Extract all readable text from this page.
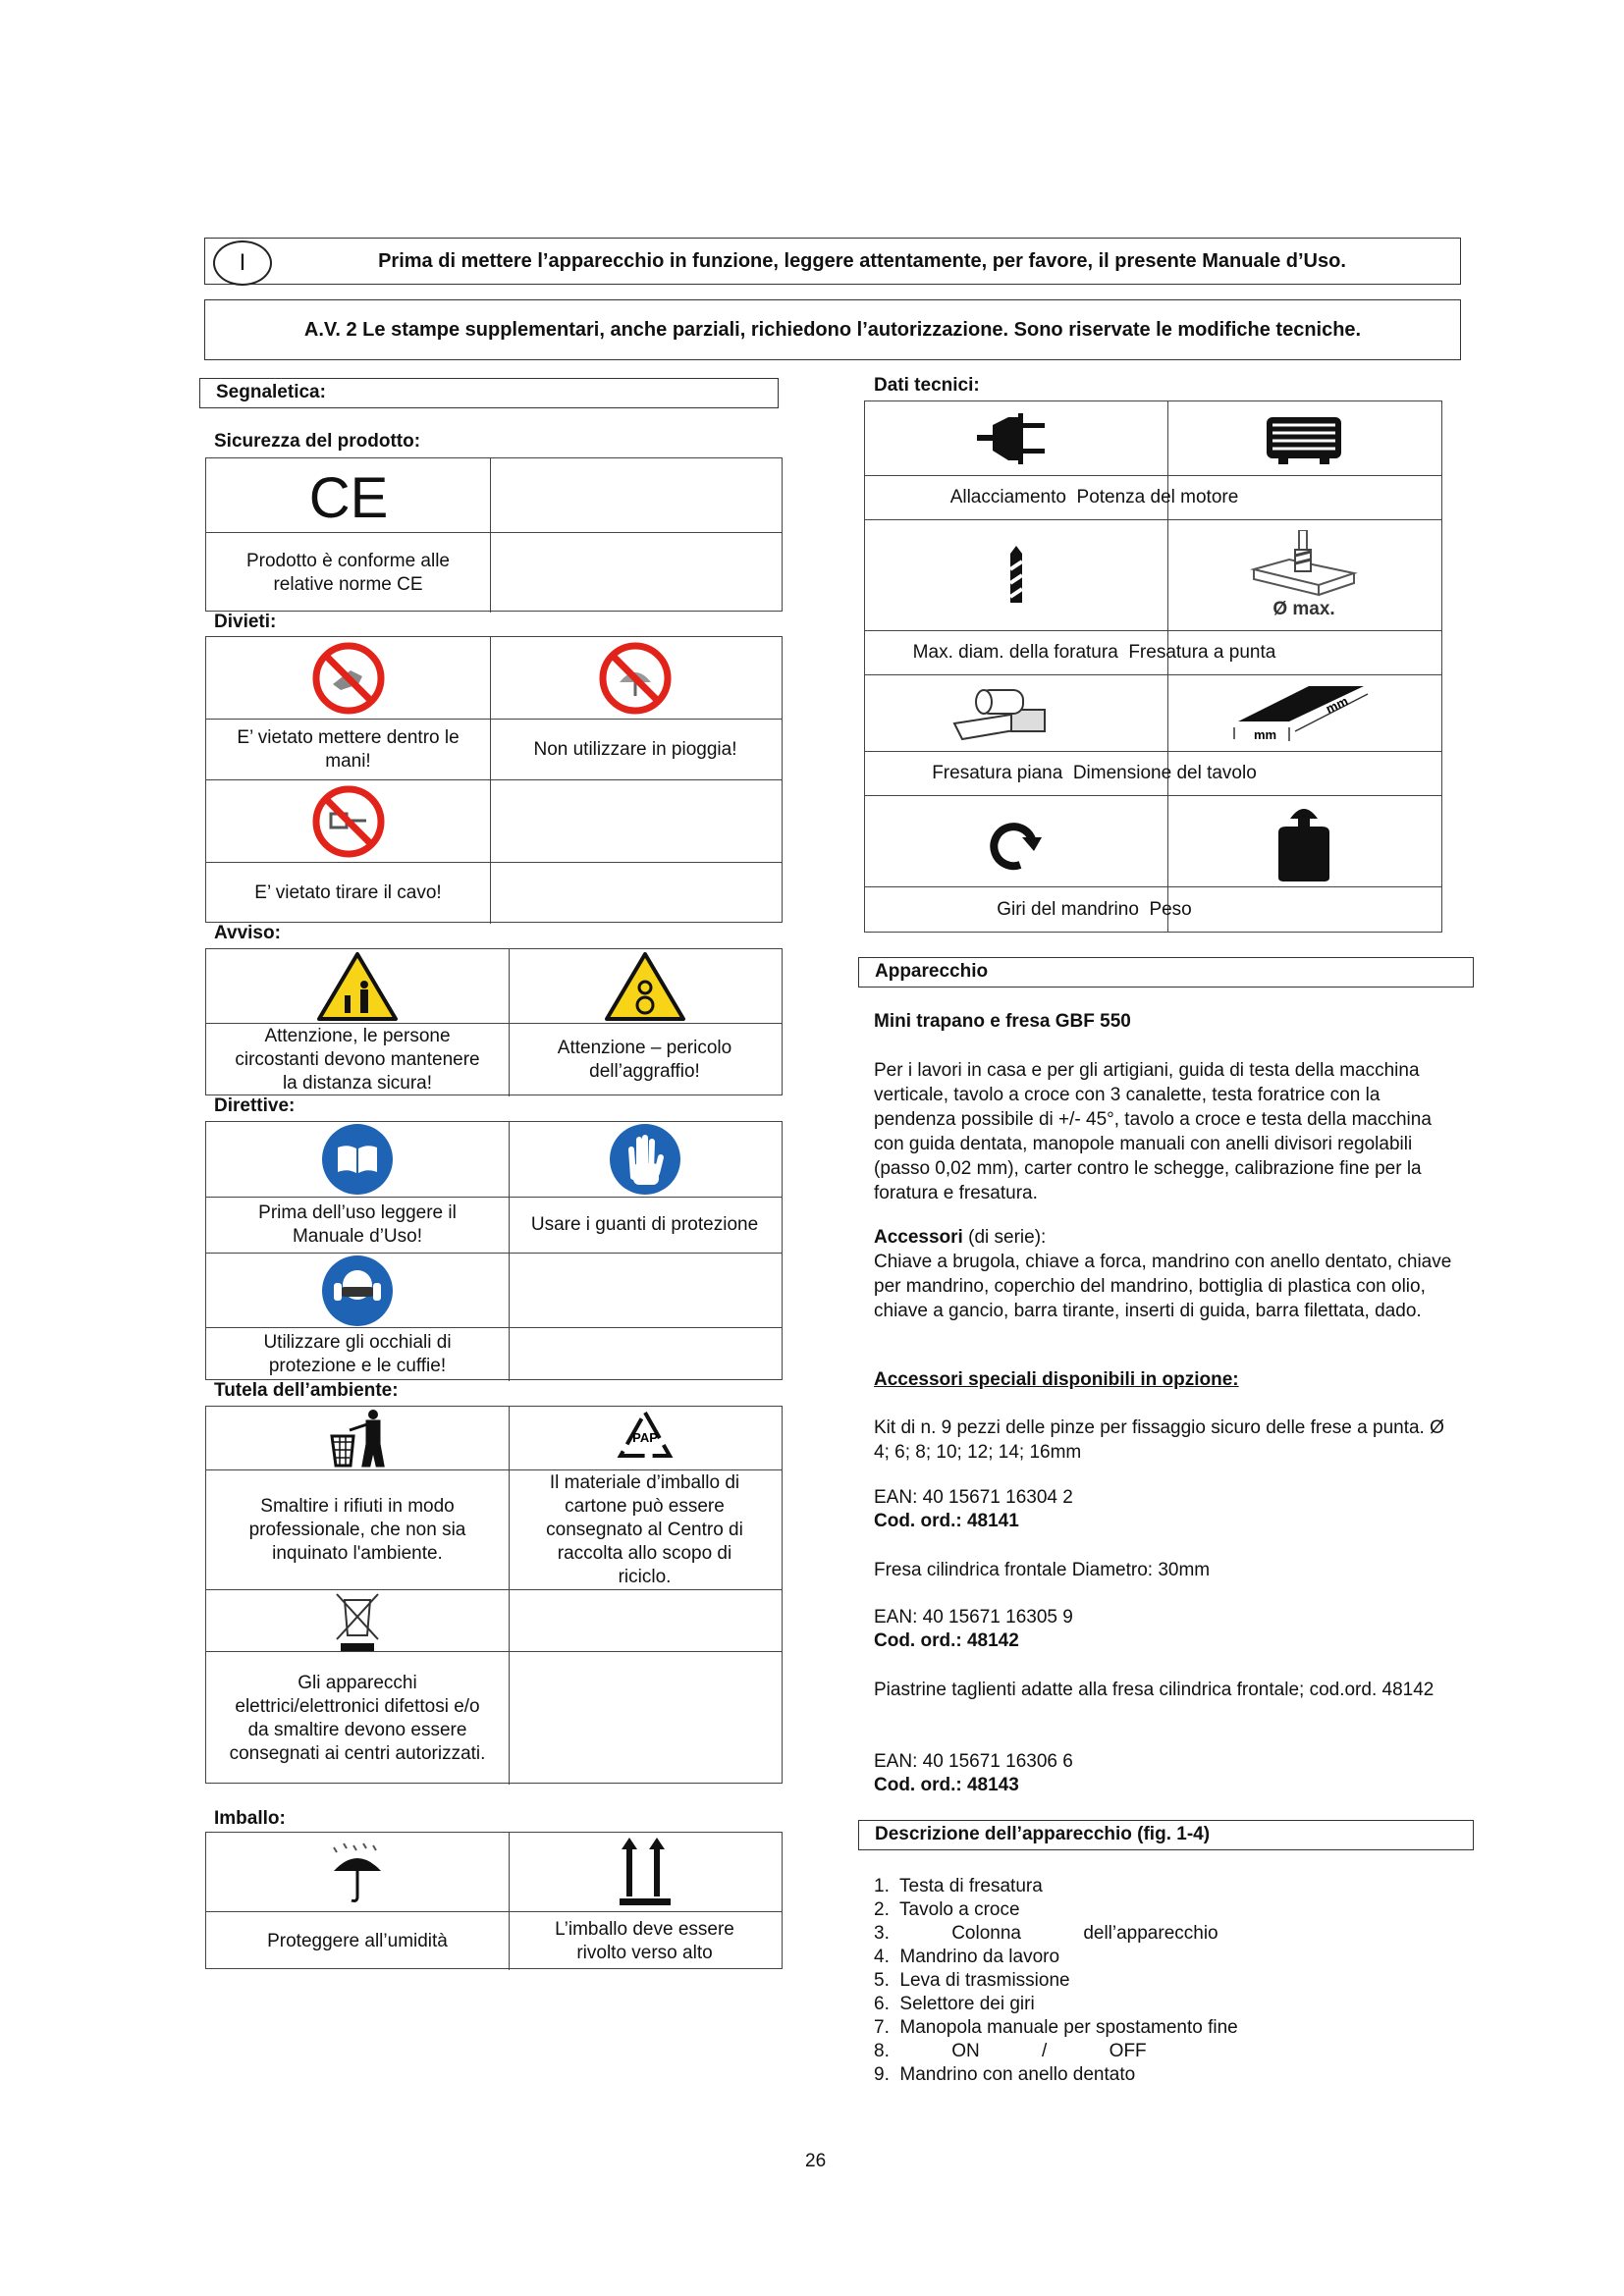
I	Prima di mettere l’apparecchio in funzione, leggere attentamente, per favore, il presente Manuale d’Uso.
A.V. 2 Le stampe supplementari, anche parziali, richiedono l’autorizzazione. Sono riservate le modifiche tecniche.
Segnaletica:
Sicurezza del prodotto:
CE
Prodotto è conforme alle
relative norme CE
Divieti:
E’ vietato mettere dentro le
mani!
Non utilizzare in pioggia!
E’ vietato tirare il cavo!
Avviso:
Attenzione, le persone
circostanti devono mantenere
la distanza sicura!
Attenzione – pericolo
dell’aggraffio!
Direttive:
Prima dell’uso leggere il
Manuale d’Uso!
Usare i guanti di protezione
Utilizzare gli occhiali di
protezione e le cuffie!
Tutela dell’ambiente:
PAP
Smaltire i rifiuti in modo
professionale, che non sia
inquinato l'ambiente.
Il materiale d’imballo di
cartone può essere
consegnato al Centro di
raccolta allo scopo di
riciclo.
Gli apparecchi
elettrici/elettronici difettosi e/o
da smaltire devono essere
consegnati ai centri autorizzati.
Imballo:
Proteggere all’umidità
L’imballo deve essere
rivolto verso alto
Dati tecnici:
Allacciamento  Potenza del motore
Ø max.
Max. diam. della foratura  Fresatura a punta
mm
mm
Fresatura piana  Dimensione del tavolo
Giri del mandrino  Peso
Apparecchio
Mini trapano e fresa GBF 550
Per i lavori in casa e per gli artigiani, guida di testa della macchina verticale, tavolo a croce con 3 canalette, testa foratrice con la pendenza possibile di +/- 45°, tavolo a croce e testa della macchina con guida dentata, manopole manuali con anelli divisori regolabili (passo 0,02 mm), carter contro le schegge, calibrazione fine per la foratura e fresatura.
Accessori (di serie):
Chiave a brugola, chiave a forca, mandrino con anello dentato, chiave per mandrino, coperchio del mandrino, bottiglia di plastica con olio, chiave a gancio, barra tirante, inserti di guida, barra filettata, dado.
Accessori speciali disponibili in opzione:
Kit di n. 9 pezzi delle pinze per fissaggio sicuro delle frese a punta. Ø 4; 6; 8; 10; 12; 14; 16mm
EAN: 40 15671 16304 2
Cod. ord.: 48141
Fresa cilindrica frontale Diametro: 30mm
EAN: 40 15671 16305 9
Cod. ord.: 48142
Piastrine taglienti adatte alla fresa cilindrica frontale; cod.ord. 48142
EAN: 40 15671 16306 6
Cod. ord.: 48143
Descrizione dell’apparecchio (fig. 1-4)
1.  Testa di fresatura
2.  Tavolo a croce
3.            Colonna            dell’apparecchio
4.  Mandrino da lavoro
5.  Leva di trasmissione
6.  Selettore dei giri
7.  Manopola manuale per spostamento fine
8.            ON            /            OFF
9.  Mandrino con anello dentato
26
